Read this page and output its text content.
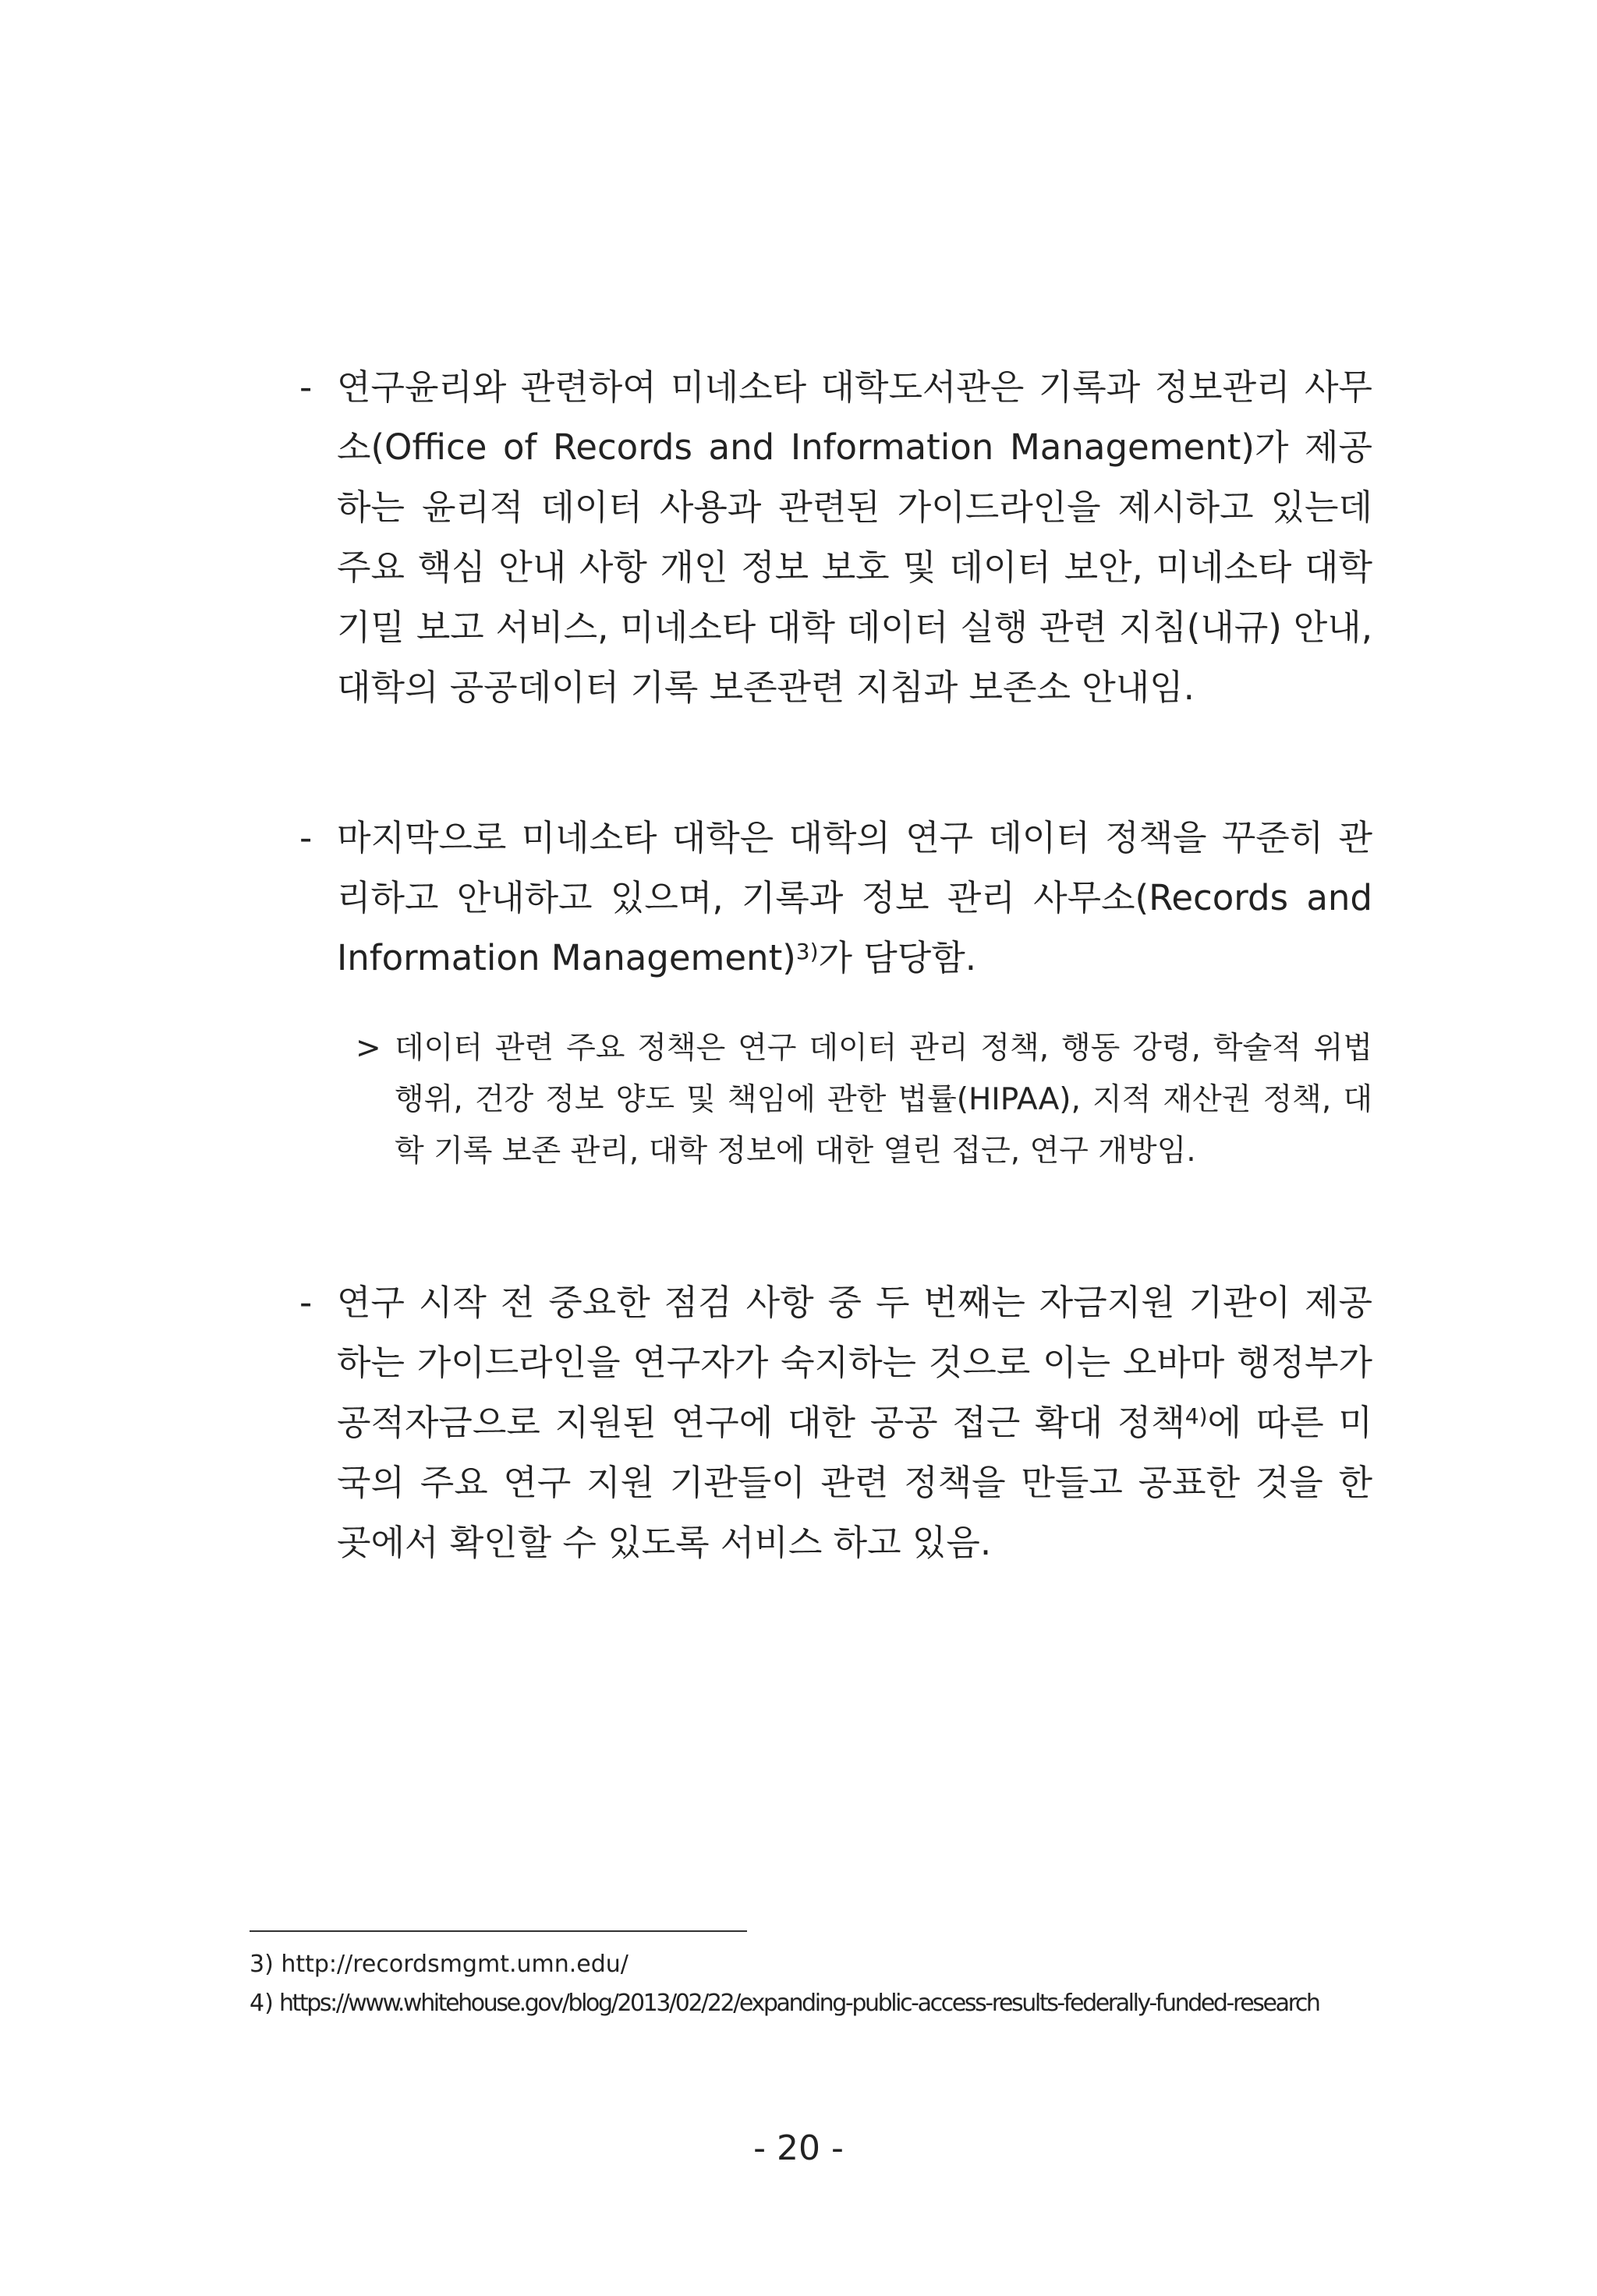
- 연구윤리와 관련하여 미네소타 대학도서관은 기록과 정보관리 사무소(Office of Records and Information Management)가 제공하는 윤리적 데이터 사용과 관련된 가이드라인을 제시하고 있는데 주요 핵심 안내 사항 개인 정보 보호 및 데이터 보안, 미네소타 대학 기밀 보고 서비스, 미네소타 대학 데이터 실행 관련 지침(내규) 안내, 대학의 공공데이터 기록 보존관련 지침과 보존소 안내임.

- 마지막으로 미네소타 대학은 대학의 연구 데이터 정책을 꾸준히 관리하고 안내하고 있으며, 기록과 정보 관리 사무소(Records and Information Management)$^{3)}$가 담당함.

> 데이터 관련 주요 정책은 연구 데이터 관리 정책, 행동 강령, 학술적 위법 행위, 건강 정보 양도 및 책임에 관한 법률(HIPAA), 지적 재산권 정책, 대학 기록 보존 관리, 대학 정보에 대한 열린 접근, 연구 개방임.

- 연구 시작 전 중요한 점검 사항 중 두 번째는 자금지원 기관이 제공하는 가이드라인을 연구자가 숙지하는 것으로 이는 오바마 행정부가 공적자금으로 지원된 연구에 대한 공공 접근 확대 정책$^{4)}$에 따른 미국의 주요 연구 지원 기관들이 관련 정책을 만들고 공표한 것을 한 곳에서 확인할 수 있도록 서비스 하고 있음.

3) http://recordsmgmt.umn.edu/
4) https://www.whitehouse.gov/blog/2013/02/22/expanding-public-access-results-federally-funded-research
- 20 -
